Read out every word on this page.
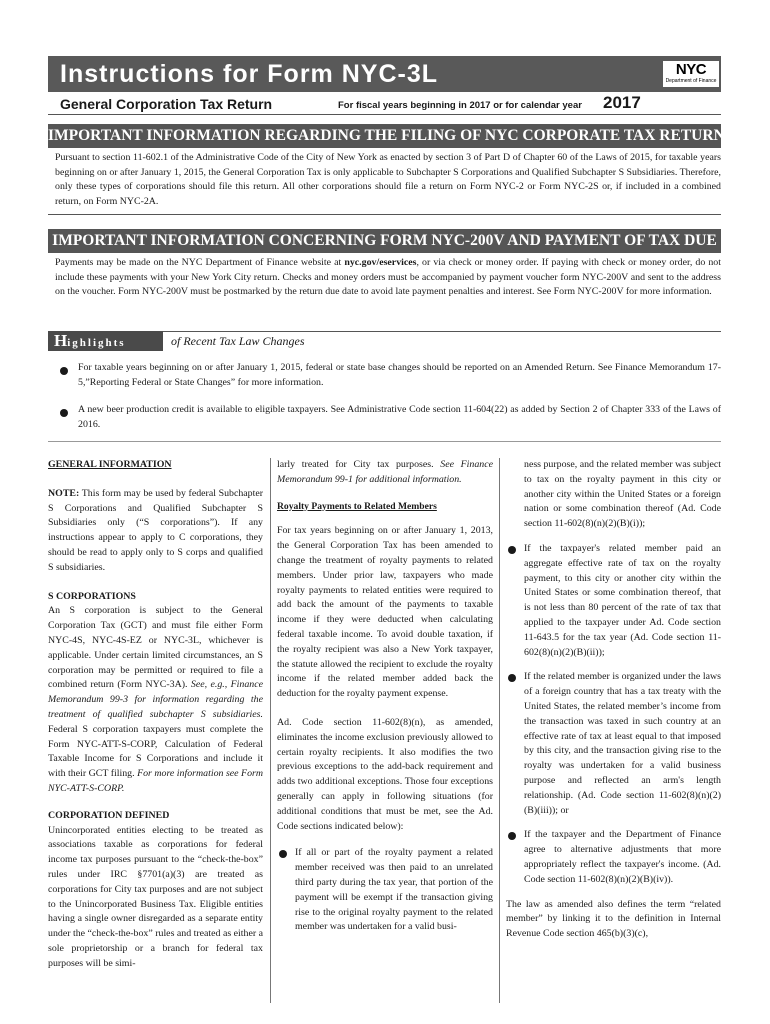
Instructions for Form NYC-3L	NYC
Department of Finance
General Corporation Tax Return	For fiscal years beginning in 2017 or for calendar year 2017
IMPORTANT INFORMATION REGARDING THE FILING OF NYC CORPORATE TAX RETURNS
Pursuant to section 11-602.1 of the Administrative Code of the City of New York as enacted by section 3 of Part D of Chapter 60 of the Laws of 2015, for taxable years beginning on or after January 1, 2015, the General Corporation Tax is only applicable to Subchapter S Corporations and Qualified Subchapter S Subsidiaries. Therefore, only these types of corporations should file this return. All other corporations should file a return on Form NYC-2 or Form NYC-2S or, if included in a combined return, on Form NYC-2A.
IMPORTANT INFORMATION CONCERNING FORM NYC-200V AND PAYMENT OF TAX DUE
Payments may be made on the NYC Department of Finance website at nyc.gov/eservices, or via check or money order. If paying with check or money order, do not include these payments with your New York City return. Checks and money orders must be accompanied by payment voucher form NYC-200V and sent to the address on the voucher. Form NYC-200V must be postmarked by the return due date to avoid late payment penalties and interest. See Form NYC-200V for more information.
Highlights	of Recent Tax Law Changes
For taxable years beginning on or after January 1, 2015, federal or state base changes should be reported on an Amended Return. See Finance Memorandum 17-5,”Reporting Federal or State Changes” for more information.
A new beer production credit is available to eligible taxpayers. See Administrative Code section 11-604(22) as added by Section 2 of Chapter 333 of the Laws of 2016.

GENERAL INFORMATION

NOTE: This form may be used by federal Subchapter S Corporations and Qualified Subchapter S Subsidiaries only (“S corporations”). If any instructions appear to apply to C corporations, they should be read to apply only to S corps and qualified S subsidiaries.

S CORPORATIONS

An S corporation is subject to the General Corporation Tax (GCT) and must file either Form NYC-4S, NYC-4S-EZ or NYC-3L, whichever is applicable. Under certain limited circumstances, an S corporation may be permitted or required to file a combined return (Form NYC-3A). See, e.g., Finance Memorandum 99-3 for information regarding the treatment of qualified subchapter S subsidiaries. Federal S corporation taxpayers must complete the Form NYC-ATT-S-CORP, Calculation of Federal Taxable Income for S Corporations and include it with their GCT filing. For more information see Form NYC-ATT-S-CORP.

CORPORATION DEFINED

Unincorporated entities electing to be treated as associations taxable as corporations for federal income tax purposes pursuant to the “check-the-box” rules under IRC §7701(a)(3) are treated as corporations for City tax purposes and are not subject to the Unincorporated Business Tax. Eligible entities having a single owner disregarded as a separate entity under the “check-the-box” rules and treated as either a sole proprietorship or a branch for federal tax purposes will be simi-

larly treated for City tax purposes. See Finance Memorandum 99-1 for additional information.

Royalty Payments to Related Members

For tax years beginning on or after January 1, 2013, the General Corporation Tax has been amended to change the treatment of royalty payments to related members. Under prior law, taxpayers who made royalty payments to related entities were required to add back the amount of the payments to taxable income if they were deducted when calculating federal taxable income. To avoid double taxation, if the royalty recipient was also a New York taxpayer, the statute allowed the recipient to exclude the royalty income if the related member added back the deduction for the royalty payment expense.

Ad. Code section 11-602(8)(n), as amended, eliminates the income exclusion previously allowed to certain royalty recipients. It also modifies the two previous exceptions to the add-back requirement and adds two additional exceptions. Those four exceptions generally can apply in following situations (for additional conditions that must be met, see the Ad. Code sections indicated below):

If all or part of the royalty payment a related member received was then paid to an unrelated third party during the tax year, that portion of the payment will be exempt if the transaction giving rise to the original royalty payment to the related member was undertaken for a valid busi-

ness purpose, and the related member was subject to tax on the royalty payment in this city or another city within the United States or a foreign nation or some combination thereof (Ad. Code section 11-602(8)(n)(2)(B)(i));

If the taxpayer's related member paid an aggregate effective rate of tax on the royalty payment, to this city or another city within the United States or some combination thereof, that is not less than 80 percent of the rate of tax that applied to the taxpayer under Ad. Code section 11-643.5 for the tax year (Ad. Code section 11-602(8)(n)(2)(B)(ii));

If the related member is organized under the laws of a foreign country that has a tax treaty with the United States, the related member’s income from the transaction was taxed in such country at an effective rate of tax at least equal to that imposed by this city, and the transaction giving rise to the royalty was undertaken for a valid business purpose and reflected an arm's length relationship. (Ad. Code section 11-602(8)(n)(2)(B)(iii)); or

If the taxpayer and the Department of Finance agree to alternative adjustments that more appropriately reflect the taxpayer's income. (Ad. Code section 11-602(8)(n)(2)(B)(iv)).

The law as amended also defines the term “related member” by linking it to the definition in Internal Revenue Code section 465(b)(3)(c),
